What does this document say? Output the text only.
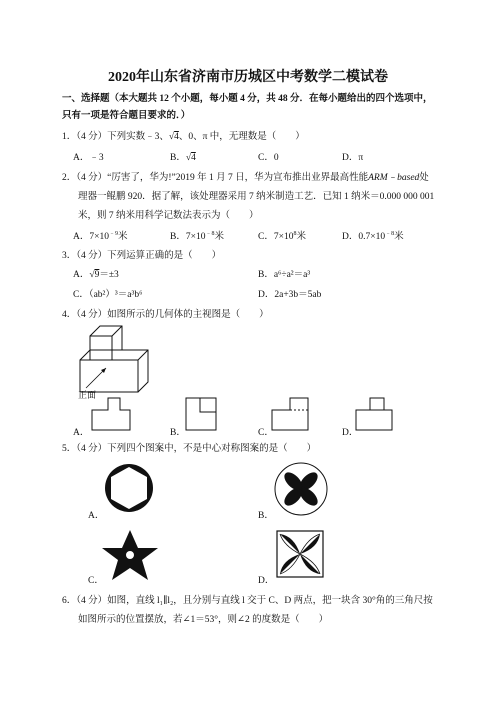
2020年山东省济南市历城区中考数学二模试卷
一、选择题（本大题共 12 个小题，每小题 4 分，共 48 分．在每小题给出的四个选项中，
只有一项是符合题目要求的．）
1．（4 分）下列实数﹣3、√4、0、π 中，无理数是（　　）
A．﹣3	B．√4	C．0	D．π
2．（4 分）“厉害了，华为!”2019 年 1 月 7 日，华为宣布推出业界最高性能ARM﹣based处
理器一鲲鹏 920．据了解，该处理器采用 7 纳米制造工艺．已知 1 纳米＝0.000 000 001
米，则 7 纳米用科学记数法表示为（　　）
A．$7\times 10^{﹣9}$米	B．$7\times 10^{﹣8}$米	C．$7\times 10^8$米	D．$0.7\times 10^{﹣8}$米
3．（4 分）下列运算正确的是（　　）
A．√9＝±3	B．a⁶÷a²＝a³
C．（ab²）³＝a³b⁶	D．2a+3b＝5ab
4．（4 分）如图所示的几何体的主视图是（　　）
正面
A．	B．	C．	D．
5．（4 分）下列四个图案中，不是中心对称图案的是（　　）
A．	B．
C．	D．
6．（4 分）如图，直线 l₁∥l₂，且分别与直线 l 交于 C、D 两点，把一块含 30°角的三角尺按
如图所示的位置摆放，若∠1＝53°，则∠2 的度数是（　　）
